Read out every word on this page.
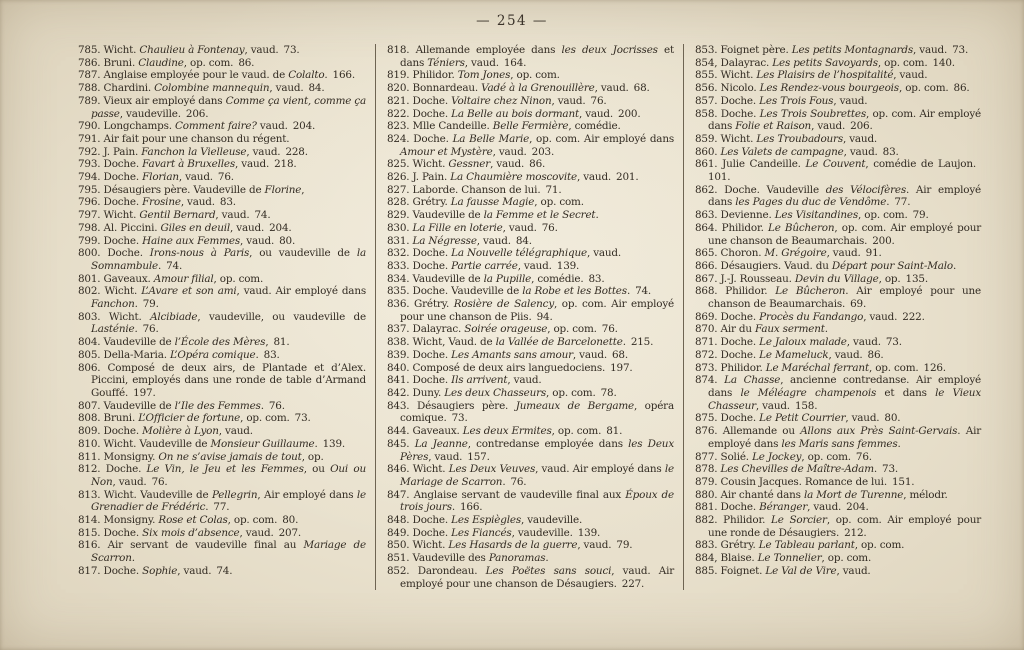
— 254 —
785. Wicht. Chaulieu à Fontenay, vaud. 73.
786. Bruni. Claudine, op. com. 86.
787. Anglaise employée pour le vaud. de Colalto. 166.
788. Chardini. Colombine mannequin, vaud. 84.
789. Vieux air employé dans Comme ça vient, comme ça passe, vaudeville. 206.
790. Longchamps. Comment faire? vaud. 204.
791. Air fait pour une chanson du régent.
792. J. Pain. Fanchon la Vielleuse, vaud. 228.
793. Doche. Favart à Bruxelles, vaud. 218.
794. Doche. Florian, vaud. 76.
795. Désaugiers père. Vaudeville de Florine,
796. Doche. Frosine, vaud. 83.
797. Wicht. Gentil Bernard, vaud. 74.
798. Al. Piccini. Giles en deuil, vaud. 204.
799. Doche. Haine aux Femmes, vaud. 80.
800. Doche. Irons-nous à Paris, ou vaudeville de la Somnambule. 74.
801. Gaveaux. Amour filial, op. com.
802. Wicht. L’Avare et son ami, vaud. Air employé dans Fanchon. 79.
803. Wicht. Alcibiade, vaudeville, ou vaudeville de Lasténie. 76.
804. Vaudeville de l’École des Mères, 81.
805. Della-Maria. L’Opéra comique. 83.
806. Composé de deux airs, de Plantade et d’Alex. Piccini, employés dans une ronde de table d’Armand Gouffé. 197.
807. Vaudeville de l’Ile des Femmes. 76.
808. Bruni. L’Officier de fortune, op. com. 73.
809. Doche. Molière à Lyon, vaud.
810. Wicht. Vaudeville de Monsieur Guillaume. 139.
811. Monsigny. On ne s’avise jamais de tout, op.
812. Doche. Le Vin, le Jeu et les Femmes, ou Oui ou Non, vaud. 76.
813. Wicht. Vaudeville de Pellegrin, Air employé dans le Grenadier de Frédéric. 77.
814. Monsigny. Rose et Colas, op. com. 80.
815. Doche. Six mois d’absence, vaud. 207.
816. Air servant de vaudeville final au Mariage de Scarron.
817. Doche. Sophie, vaud. 74.
818. Allemande employée dans les deux Jocrisses et dans Téniers, vaud. 164.
819. Philidor. Tom Jones, op. com.
820. Bonnardeau. Vadé à la Grenouillère, vaud. 68.
821. Doche. Voltaire chez Ninon, vaud. 76.
822. Doche. La Belle au bois dormant, vaud. 200.
823. Mlle Candeille. Belle Fermière, comédie.
824. Doche. La Belle Marie, op. com. Air employé dans Amour et Mystère, vaud. 203.
825. Wicht. Gessner, vaud. 86.
826. J. Pain. La Chaumière moscovite, vaud. 201.
827. Laborde. Chanson de lui. 71.
828. Grétry. La fausse Magie, op. com.
829. Vaudeville de la Femme et le Secret.
830. La Fille en loterie, vaud. 76.
831. La Négresse, vaud. 84.
832. Doche. La Nouvelle télégraphique, vaud.
833. Doche. Partie carrée, vaud. 139.
834. Vaudeville de la Pupille, comédie. 83.
835. Doche. Vaudeville de la Robe et les Bottes. 74.
836. Grétry. Rosière de Salency, op. com. Air employé pour une chanson de Piis. 94.
837. Dalayrac. Soirée orageuse, op. com. 76.
838. Wicht, Vaud. de la Vallée de Barcelonette. 215.
839. Doche. Les Amants sans amour, vaud. 68.
840. Composé de deux airs languedociens. 197.
841. Doche. Ils arrivent, vaud.
842. Duny. Les deux Chasseurs, op. com. 78.
843. Désaugiers père. Jumeaux de Bergame, opéra comique. 73.
844. Gaveaux. Les deux Ermites, op. com. 81.
845. La Jeanne, contredanse employée dans les Deux Pères, vaud. 157.
846. Wicht. Les Deux Veuves, vaud. Air employé dans le Mariage de Scarron. 76.
847. Anglaise servant de vaudeville final aux Époux de trois jours. 166.
848. Doche. Les Espiègles, vaudeville.
849. Doche. Les Fiancés, vaudeville. 139.
850. Wicht. Les Hasards de la guerre, vaud. 79.
851. Vaudeville des Panoramas.
852. Darondeau. Les Poëtes sans souci, vaud. Air employé pour une chanson de Désaugiers. 227.
853. Foignet père. Les petits Montagnards, vaud. 73.
854, Dalayrac. Les petits Savoyards, op. com. 140.
855. Wicht. Les Plaisirs de l’hospitalité, vaud.
856. Nicolo. Les Rendez-vous bourgeois, op. com. 86.
857. Doche. Les Trois Fous, vaud.
858. Doche. Les Trois Soubrettes, op. com. Air employé dans Folie et Raison, vaud. 206.
859. Wicht. Les Troubadours, vaud.
860. Les Valets de campagne, vaud. 83.
861. Julie Candeille. Le Couvent, comédie de Laujon. 101.
862. Doche. Vaudeville des Vélocifères. Air employé dans les Pages du duc de Vendôme. 77.
863. Devienne. Les Visitandines, op. com. 79.
864. Philidor. Le Bûcheron, op. com. Air employé pour une chanson de Beaumarchais. 200.
865. Choron. M. Grégoire, vaud. 91.
866. Désaugiers. Vaud. du Départ pour Saint-Malo.
867. J.-J. Rousseau. Devin du Village, op. 135.
868. Philidor. Le Bûcheron. Air employé pour une chanson de Beaumarchais. 69.
869. Doche. Procès du Fandango, vaud. 222.
870. Air du Faux serment.
871. Doche. Le Jaloux malade, vaud. 73.
872. Doche. Le Mameluck, vaud. 86.
873. Philidor. Le Maréchal ferrant, op. com. 126.
874. La Chasse, ancienne contredanse. Air employé dans le Méléagre champenois et dans le Vieux Chasseur, vaud. 158.
875. Doche. Le Petit Courrier, vaud. 80.
876. Allemande ou Allons aux Près Saint-Gervais. Air employé dans les Maris sans femmes.
877. Solié. Le Jockey, op. com. 76.
878. Les Chevilles de Maître-Adam. 73.
879. Cousin Jacques. Romance de lui. 151.
880. Air chanté dans la Mort de Turenne, mélodr.
881. Doche. Béranger, vaud. 204.
882. Philidor. Le Sorcier, op. com. Air employé pour une ronde de Désaugiers. 212.
883. Grétry. Le Tableau parlant, op. com.
884, Blaise. Le Tonnelier, op. com.
885. Foignet. Le Val de Vire, vaud.
